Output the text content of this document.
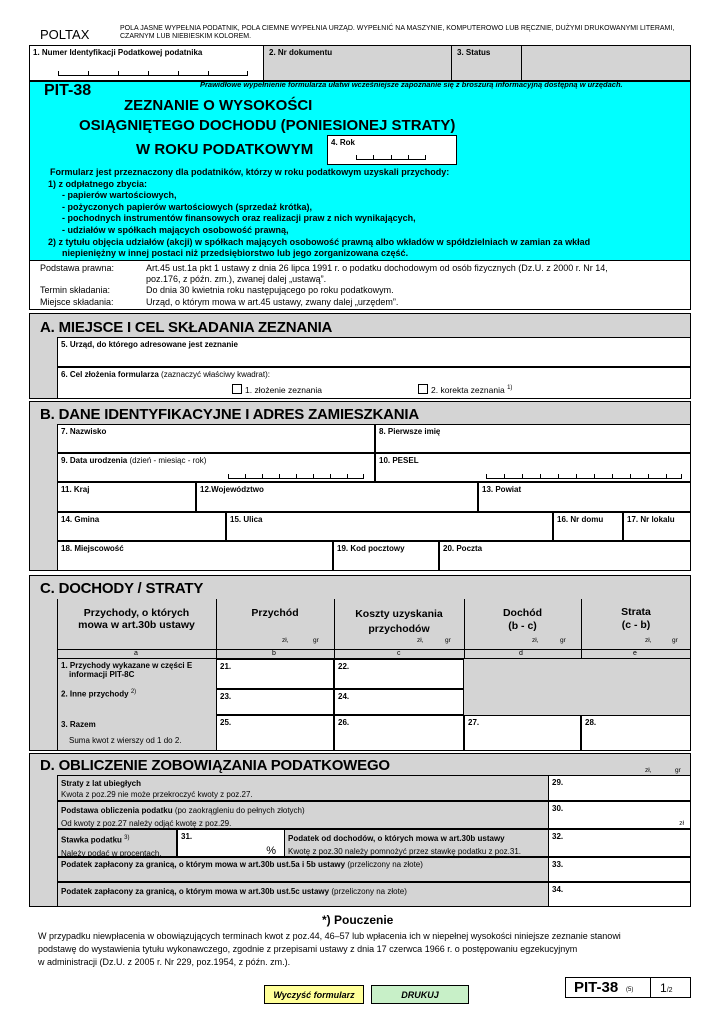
POLTAX	POLA JASNE WYPEŁNIA PODATNIK, POLA CIEMNE WYPEŁNIA URZĄD. WYPEŁNIĆ NA MASZYNIE, KOMPUTEROWO LUB RĘCZNIE, DUŻYMI DRUKOWANYMI LITERAMI, CZARNYM LUB NIEBIESKIM KOLOREM.
1. Numer Identyfikacji Podatkowej podatnika	2. Nr dokumentu	3. Status
PIT-38	Prawidłowe wypełnienie formularza ułatwi wcześniejsze zapoznanie się z broszurą informacyjną dostępną w urzędach.
ZEZNANIE O WYSOKOŚCI
OSIĄGNIĘTEGO DOCHODU (PONIESIONEJ STRATY)
W ROKU PODATKOWYM	4. Rok
Formularz jest przeznaczony dla podatników, którzy w roku podatkowym uzyskali przychody:
1) z odpłatnego zbycia:
- papierów wartościowych,
- pożyczonych papierów wartościowych (sprzedaż krótka),
- pochodnych instrumentów finansowych oraz realizacji praw z nich wynikających,
- udziałów w spółkach mających osobowość prawną,
2) z tytułu objęcia udziałów (akcji) w spółkach mających osobowość prawną albo wkładów w spółdzielniach w zamian za wkład
niepieniężny w innej postaci niż przedsiębiorstwo lub jego zorganizowana część.
Podstawa prawna:	Art.45 ust.1a pkt 1 ustawy z dnia 26 lipca 1991 r. o podatku dochodowym od osób fizycznych (Dz.U. z 2000 r. Nr 14,
poz.176, z późn. zm.), zwanej dalej „ustawą”.
Termin składania:	Do dnia 30 kwietnia roku następującego po roku podatkowym.
Miejsce składania:	Urząd, o którym mowa w art.45 ustawy, zwany dalej „urzędem”.
A. MIEJSCE I CEL SKŁADANIA ZEZNANIA
5. Urząd, do którego adresowane jest zeznanie
6. Cel złożenia formularza (zaznaczyć właściwy kwadrat):
1. złożenie zeznania	2. korekta zeznania $^{1)}$
B. DANE IDENTYFIKACYJNE I ADRES ZAMIESZKANIA
7. Nazwisko	8. Pierwsze imię
9. Data urodzenia (dzień - miesiąc - rok)	10. PESEL
11. Kraj	12.Województwo	13. Powiat
14. Gmina	15. Ulica	16. Nr domu	17. Nr lokalu
18. Miejscowość	19. Kod pocztowy	20. Poczta
C. DOCHODY / STRATY
Przychody, o których
mowa w art.30b ustawy
Przychód	Koszty uzyskania
przychodów
Dochód
(b - c)
Strata
(c - b)
zł,	gr	zł,	gr	zł,	gr	zł,	gr
a	b	c	d	e
1. Przychody wykazane w części E
informacji PIT-8C
21.	22.
2. Inne przychody $^{2)}$	23.	24.
3. Razem
Suma kwot z wierszy od 1 do 2.
25.	26.	27.	28.
D. OBLICZENIE ZOBOWIĄZANIA PODATKOWEGO	zł,	gr
Straty z lat ubiegłych
Kwota z poz.29 nie może przekroczyć kwoty z poz.27.
29.
Podstawa obliczenia podatku (po zaokrągleniu do pełnych złotych)
Od kwoty z poz.27 należy odjąć kwotę z poz.29.
30.
zł
Stawka podatku $^{3)}$
Należy podać w procentach.
31.
%
Podatek od dochodów, o których mowa w art.30b ustawy
Kwotę z poz.30 należy pomnożyć przez stawkę podatku z poz.31.
32.
Podatek zapłacony za granicą, o którym mowa w art.30b ust.5a i 5b ustawy (przeliczony na złote)	33.
Podatek zapłacony za granicą, o którym mowa w art.30b ust.5c ustawy (przeliczony na złote)	34.
*) Pouczenie
W przypadku niewpłacenia w obowiązujących terminach kwot z poz.44, 46–57 lub wpłacenia ich w niepełnej wysokości niniejsze zeznanie stanowi
podstawę do wystawienia tytułu wykonawczego, zgodnie z przepisami ustawy z dnia 17 czerwca 1966 r. o postępowaniu egzekucyjnym
w administracji (Dz.U. z 2005 r. Nr 229, poz.1954, z późn. zm.).
Wyczyść formularz	DRUKUJ	PIT-38 (5) 1/2
